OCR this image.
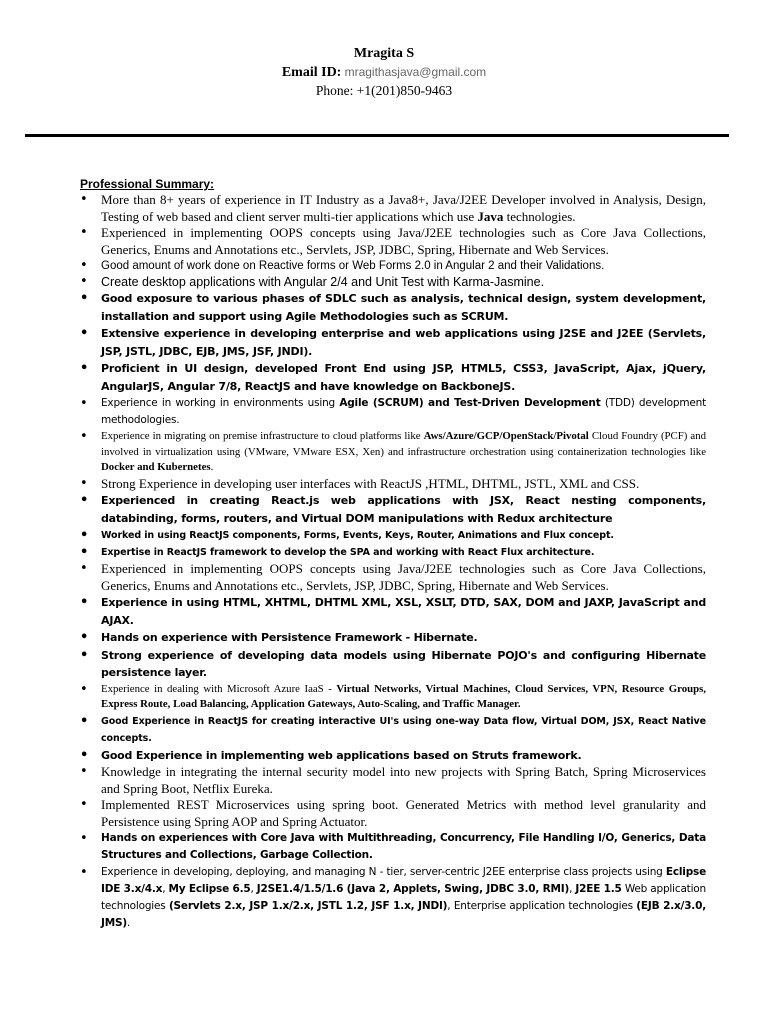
Mragita S
Email ID: mragithasjava@gmail.com
Phone: +1(201)850-9463
Professional Summary:
• More than 8+ years of experience in IT Industry as a Java8+, Java/J2EE Developer involved in Analysis, Design, Testing of web based and client server multi-tier applications which use Java technologies.
• Experienced in implementing OOPS concepts using Java/J2EE technologies such as Core Java Collections, Generics, Enums and Annotations etc., Servlets, JSP, JDBC, Spring, Hibernate and Web Services.
• Good amount of work done on Reactive forms or Web Forms 2.0 in Angular 2 and their Validations.
• Create desktop applications with Angular 2/4 and Unit Test with Karma-Jasmine.
• Good exposure to various phases of SDLC such as analysis, technical design, system development, installation and support using Agile Methodologies such as SCRUM.
• Extensive experience in developing enterprise and web applications using J2SE and J2EE (Servlets, JSP, JSTL, JDBC, EJB, JMS, JSF, JNDI).
• Proficient in UI design, developed Front End using JSP, HTML5, CSS3, JavaScript, Ajax, jQuery, AngularJS, Angular 7/8, ReactJS and have knowledge on BackboneJS.
• Experience in working in environments using Agile (SCRUM) and Test-Driven Development (TDD) development methodologies.
• Experience in migrating on premise infrastructure to cloud platforms like Aws/Azure/GCP/OpenStack/Pivotal Cloud Foundry (PCF) and involved in virtualization using (VMware, VMware ESX, Xen) and infrastructure orchestration using containerization technologies like Docker and Kubernetes.
• Strong Experience in developing user interfaces with ReactJS ,HTML, DHTML, JSTL, XML and CSS.
• Experienced in creating React.js web applications with JSX, React nesting components, databinding, forms, routers, and Virtual DOM manipulations with Redux architecture
• Worked in using ReactJS components, Forms, Events, Keys, Router, Animations and Flux concept.
• Expertise in ReactJS framework to develop the SPA and working with React Flux architecture.
• Experienced in implementing OOPS concepts using Java/J2EE technologies such as Core Java Collections, Generics, Enums and Annotations etc., Servlets, JSP, JDBC, Spring, Hibernate and Web Services.
• Experience in using HTML, XHTML, DHTML XML, XSL, XSLT, DTD, SAX, DOM and JAXP, JavaScript and AJAX.
• Hands on experience with Persistence Framework - Hibernate.
• Strong experience of developing data models using Hibernate POJO's and configuring Hibernate persistence layer.
• Experience in dealing with Microsoft Azure IaaS - Virtual Networks, Virtual Machines, Cloud Services, VPN, Resource Groups, Express Route, Load Balancing, Application Gateways, Auto-Scaling, and Traffic Manager.
• Good Experience in ReactJS for creating interactive UI's using one-way Data flow, Virtual DOM, JSX, React Native concepts.
• Good Experience in implementing web applications based on Struts framework.
• Knowledge in integrating the internal security model into new projects with Spring Batch, Spring Microservices and Spring Boot, Netflix Eureka.
• Implemented REST Microservices using spring boot. Generated Metrics with method level granularity and Persistence using Spring AOP and Spring Actuator.
• Hands on experiences with Core Java with Multithreading, Concurrency, File Handling I/O, Generics, Data Structures and Collections, Garbage Collection.
• Experience in developing, deploying, and managing N - tier, server-centric J2EE enterprise class projects using Eclipse IDE 3.x/4.x, My Eclipse 6.5, J2SE1.4/1.5/1.6 (Java 2, Applets, Swing, JDBC 3.0, RMI), J2EE 1.5 Web application technologies (Servlets 2.x, JSP 1.x/2.x, JSTL 1.2, JSF 1.x, JNDI), Enterprise application technologies (EJB 2.x/3.0, JMS).
